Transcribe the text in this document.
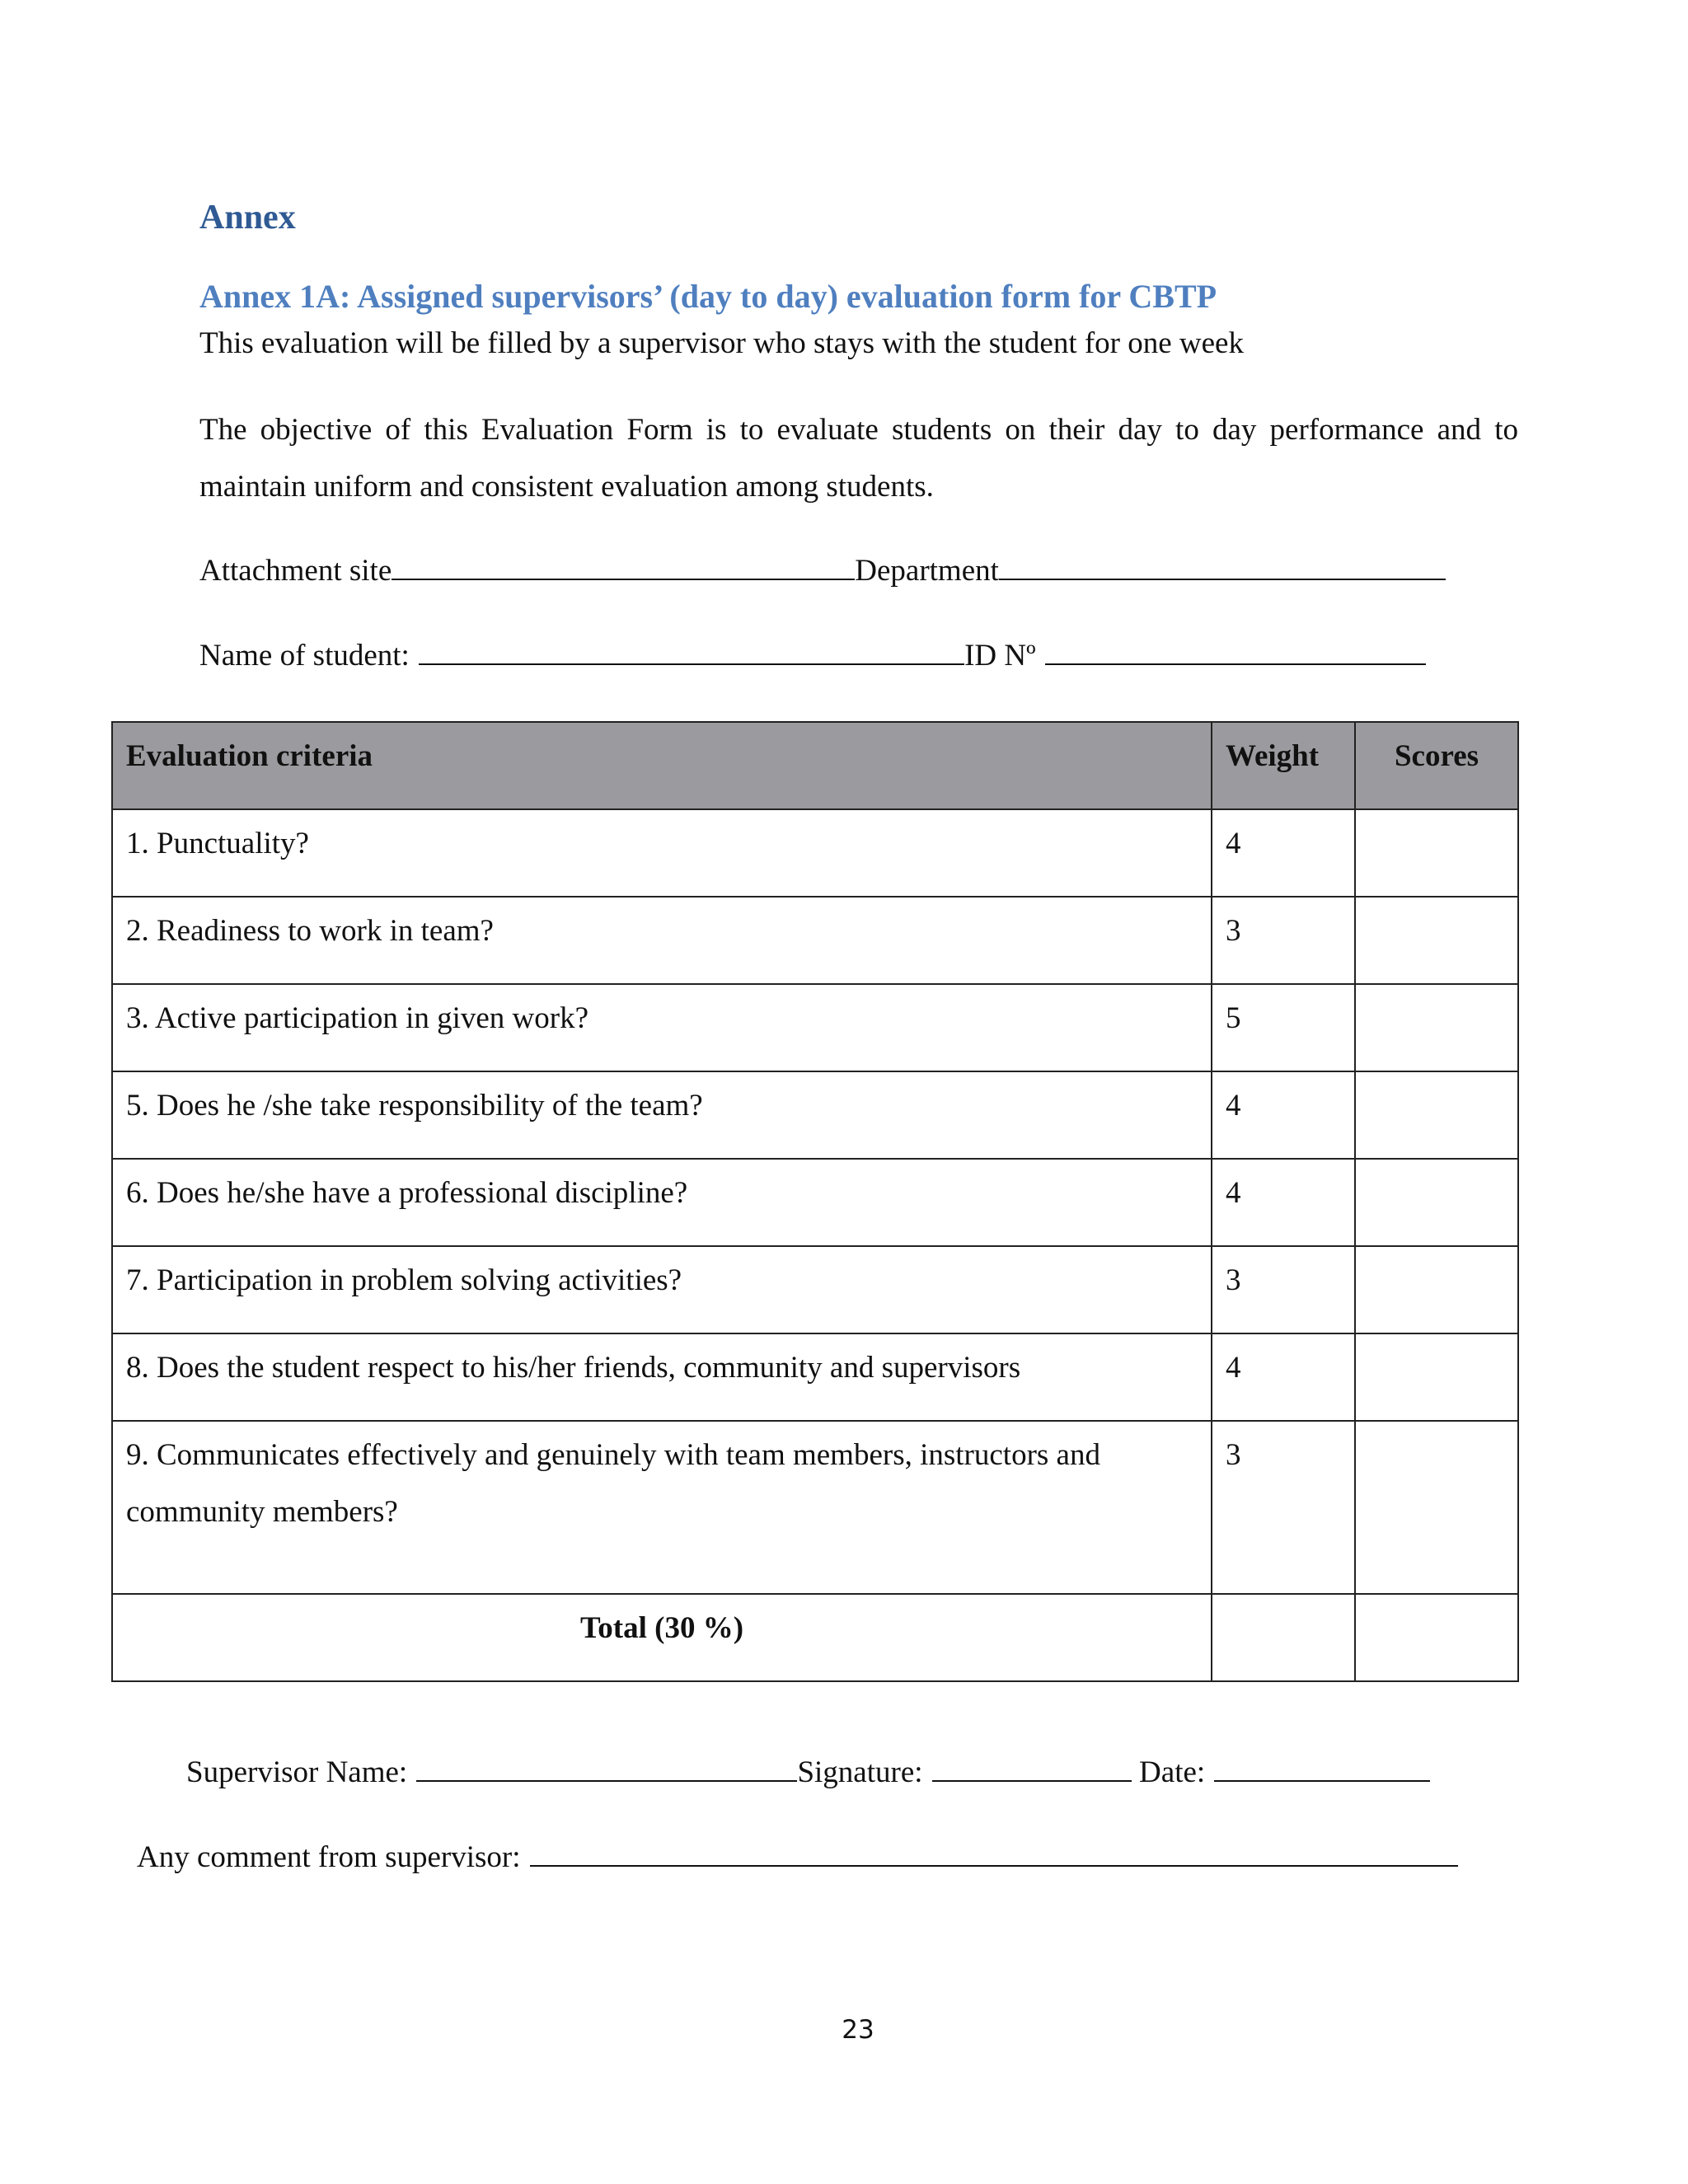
Annex
Annex 1A: Assigned supervisors’ (day to day) evaluation form for CBTP
This evaluation will be filled by a supervisor who stays with the student for one week

The objective of this Evaluation Form is to evaluate students on their day to day performance and to maintain uniform and consistent evaluation among students.

Attachment site	Department
Name of student:	ID Nº
Evaluation criteria	Weight	Scores
1. Punctuality?	4	
2. Readiness to work in team?	3	
3. Active participation in given work?	5	
5. Does he /she take responsibility of the team?	4	
6. Does he/she have a professional discipline?	4	
7. Participation in problem solving activities?	3	
8. Does the student respect to his/her friends, community and supervisors	4	
9. Communicates effectively and genuinely with team members, instructors and community members?	3	
Total (30 %)		
Supervisor Name:	Signature:	Date:
Any comment from supervisor:
23
